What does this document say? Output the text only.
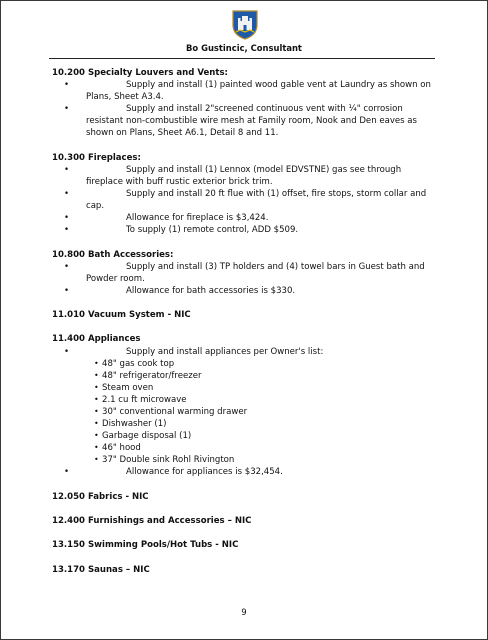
Bo Gustincic, Consultant
10.200 Specialty Louvers and Vents:
•	Supply and install (1) painted wood gable vent at Laundry as shown on Plans, Sheet A3.4.
•	Supply and install 2"screened continuous vent with ¼" corrosion resistant non-combustible wire mesh at Family room, Nook and Den eaves as shown on Plans, Sheet A6.1, Detail 8 and 11.
10.300 Fireplaces:
•	Supply and install (1) Lennox (model EDVSTNE) gas see through fireplace with buff rustic exterior brick trim.
•	Supply and install 20 ft flue with (1) offset, fire stops, storm collar and cap.
•	Allowance for fireplace is $3,424.
•	To supply (1) remote control, ADD $509.
10.800 Bath Accessories:
•	Supply and install (3) TP holders and (4) towel bars in Guest bath and Powder room.
•	Allowance for bath accessories is $330.
11.010 Vacuum System - NIC
11.400 Appliances
•	Supply and install appliances per Owner's list:
• 48" gas cook top
• 48" refrigerator/freezer
• Steam oven
• 2.1 cu ft microwave
• 30" conventional warming drawer
• Dishwasher (1)
• Garbage disposal (1)
• 46" hood
• 37" Double sink Rohl Rivington
•	Allowance for appliances is $32,454.
12.050 Fabrics - NIC
12.400 Furnishings and Accessories – NIC
13.150 Swimming Pools/Hot Tubs - NIC
13.170 Saunas – NIC
9
